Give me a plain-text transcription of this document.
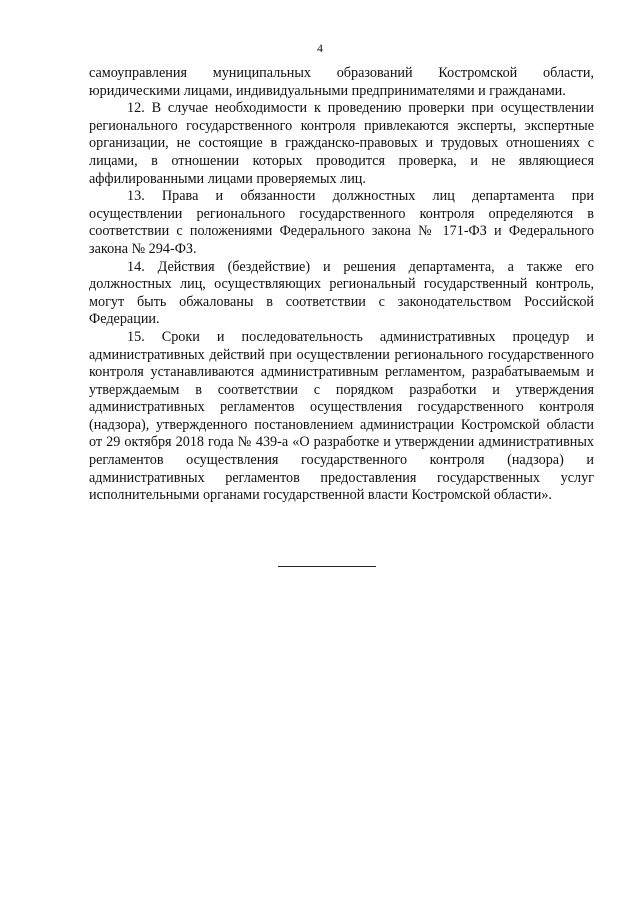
4

самоуправления муниципальных образований Костромской области, юридическими лицами, индивидуальными предпринимателями и гражданами.

12. В случае необходимости к проведению проверки при осуществлении регионального государственного контроля привлекаются эксперты, экспертные организации, не состоящие в гражданско-правовых и трудовых отношениях с лицами, в отношении которых проводится проверка, и не являющиеся аффилированными лицами проверяемых лиц.

13. Права и обязанности должностных лиц департамента при осуществлении регионального государственного контроля определяются в соответствии с положениями Федерального закона № 171-ФЗ и Федерального закона № 294-ФЗ.

14. Действия (бездействие) и решения департамента, а также его должностных лиц, осуществляющих региональный государственный контроль, могут быть обжалованы в соответствии с законодательством Российской Федерации.

15. Сроки и последовательность административных процедур и административных действий при осуществлении регионального государственного контроля устанавливаются административным регламентом, разрабатываемым и утверждаемым в соответствии с порядком разработки и утверждения административных регламентов осуществления государственного контроля (надзора), утвержденного постановлением администрации Костромской области от 29 октября 2018 года № 439-а «О разработке и утверждении административных регламентов осуществления государственного контроля (надзора) и административных регламентов предоставления государственных услуг исполнительными органами государственной власти Костромской области».
